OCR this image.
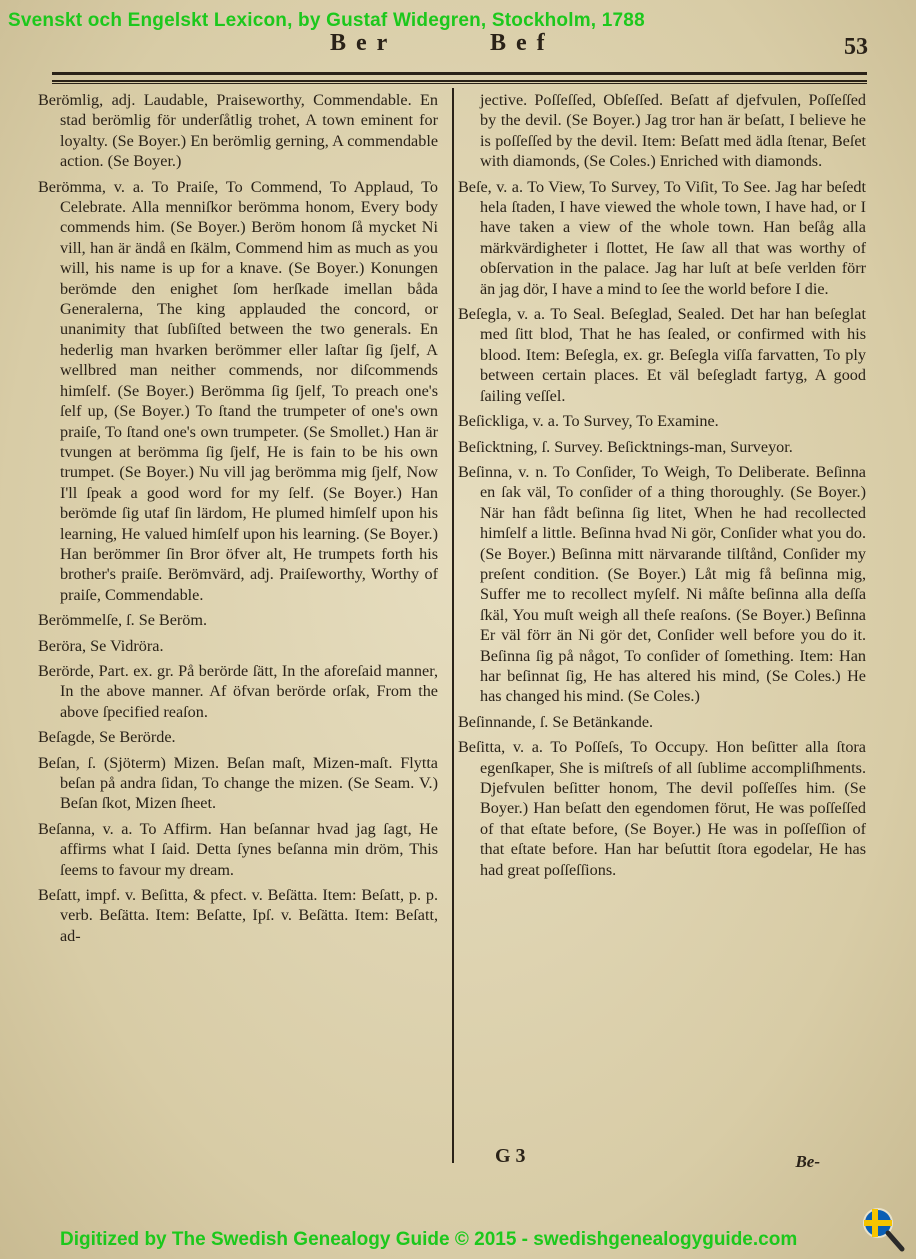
Svenskt och Engelskt Lexicon, by Gustaf Widegren, Stockholm, 1788
Ber	Bef	53

Berömlig, adj. Laudable, Praiseworthy, Commendable. En stad berömlig för underſåtlig trohet, A town eminent for loyalty. (Se Boyer.) En berömlig gerning, A commendable action. (Se Boyer.)

Berömma, v. a. To Praiſe, To Commend, To Applaud, To Celebrate. Alla menniſkor berömma honom, Every body commends him. (Se Boyer.) Beröm honom ſå mycket Ni vill, han är ändå en ſkälm, Commend him as much as you will, his name is up for a knave. (Se Boyer.) Konungen berömde den enighet ſom herſkade imellan båda Generalerna, The king applauded the concord, or unanimity that ſubſiſted between the two generals. En hederlig man hvarken berömmer eller laſtar ſig ſjelf, A wellbred man neither commends, nor diſcommends himſelf. (Se Boyer.) Berömma ſig ſjelf, To preach one's ſelf up, (Se Boyer.) To ſtand the trumpeter of one's own praiſe, To ſtand one's own trumpeter. (Se Smollet.) Han är tvungen at berömma ſig ſjelf, He is fain to be his own trumpet. (Se Boyer.) Nu vill jag berömma mig ſjelf, Now I'll ſpeak a good word for my ſelf. (Se Boyer.) Han berömde ſig utaf ſin lärdom, He plumed himſelf upon his learning, He valued himſelf upon his learning. (Se Boyer.) Han berömmer ſin Bror öfver alt, He trumpets forth his brother's praiſe. Berömvärd, adj. Praiſeworthy, Worthy of praiſe, Commendable.

Berömmelſe, ſ. Se Beröm.

Beröra, Se Vidröra.

Berörde, Part. ex. gr. På berörde ſätt, In the aforeſaid manner, In the above manner. Af öfvan berörde orſak, From the above ſpecified reaſon.

Beſagde, Se Berörde.

Beſan, ſ. (Sjöterm) Mizen. Beſan maſt, Mizen-maſt. Flytta beſan på andra ſidan, To change the mizen. (Se Seam. V.) Beſan ſkot, Mizen ſheet.

Beſanna, v. a. To Affirm. Han beſannar hvad jag ſagt, He affirms what I ſaid. Detta ſynes beſanna min dröm, This ſeems to favour my dream.

Beſatt, impf. v. Beſitta, & pfect. v. Beſätta. Item: Beſatt, p. p. verb. Beſätta. Item: Beſatte, Ipſ. v. Beſätta. Item: Beſatt, ad-

jective. Poſſeſſed, Obſeſſed. Beſatt af djefvulen, Poſſeſſed by the devil. (Se Boyer.) Jag tror han är beſatt, I believe he is poſſeſſed by the devil. Item: Beſatt med ädla ſtenar, Beſet with diamonds, (Se Coles.) Enriched with diamonds.

Beſe, v. a. To View, To Survey, To Viſit, To See. Jag har beſedt hela ſtaden, I have viewed the whole town, I have had, or I have taken a view of the whole town. Han beſåg alla märkvärdigheter i ſlottet, He ſaw all that was worthy of obſervation in the palace. Jag har luſt at beſe verlden förr än jag dör, I have a mind to ſee the world before I die.

Beſegla, v. a. To Seal. Beſeglad, Sealed. Det har han beſeglat med ſitt blod, That he has ſealed, or confirmed with his blood. Item: Beſegla, ex. gr. Beſegla viſſa farvatten, To ply between certain places. Et väl beſegladt fartyg, A good ſailing veſſel.

Beſickliga, v. a. To Survey, To Examine.

Beſicktning, ſ. Survey. Beſicktnings-man, Surveyor.

Beſinna, v. n. To Conſider, To Weigh, To Deliberate. Beſinna en ſak väl, To conſider of a thing thoroughly. (Se Boyer.) När han fådt beſinna ſig litet, When he had recollected himſelf a little. Beſinna hvad Ni gör, Conſider what you do. (Se Boyer.) Beſinna mitt närvarande tilſtånd, Conſider my preſent condition. (Se Boyer.) Låt mig få beſinna mig, Suffer me to recollect myſelf. Ni måſte beſinna alla deſſa ſkäl, You muſt weigh all theſe reaſons. (Se Boyer.) Beſinna Er väl förr än Ni gör det, Conſider well before you do it. Beſinna ſig på något, To conſider of ſomething. Item: Han har beſinnat ſig, He has altered his mind, (Se Coles.) He has changed his mind. (Se Coles.)

Beſinnande, ſ. Se Betänkande.

Beſitta, v. a. To Poſſeſs, To Occupy. Hon beſitter alla ſtora egenſkaper, She is miſtreſs of all ſublime accompliſhments. Djefvulen beſitter honom, The devil poſſeſſes him. (Se Boyer.) Han beſatt den egendomen förut, He was poſſeſſed of that eſtate before, (Se Boyer.) He was in poſſeſſion of that eſtate before. Han har beſuttit ſtora egodelar, He has had great poſſeſſions.

G 3	Be-
Digitized by The Swedish Genealogy Guide © 2015 - swedishgenealogyguide.com
